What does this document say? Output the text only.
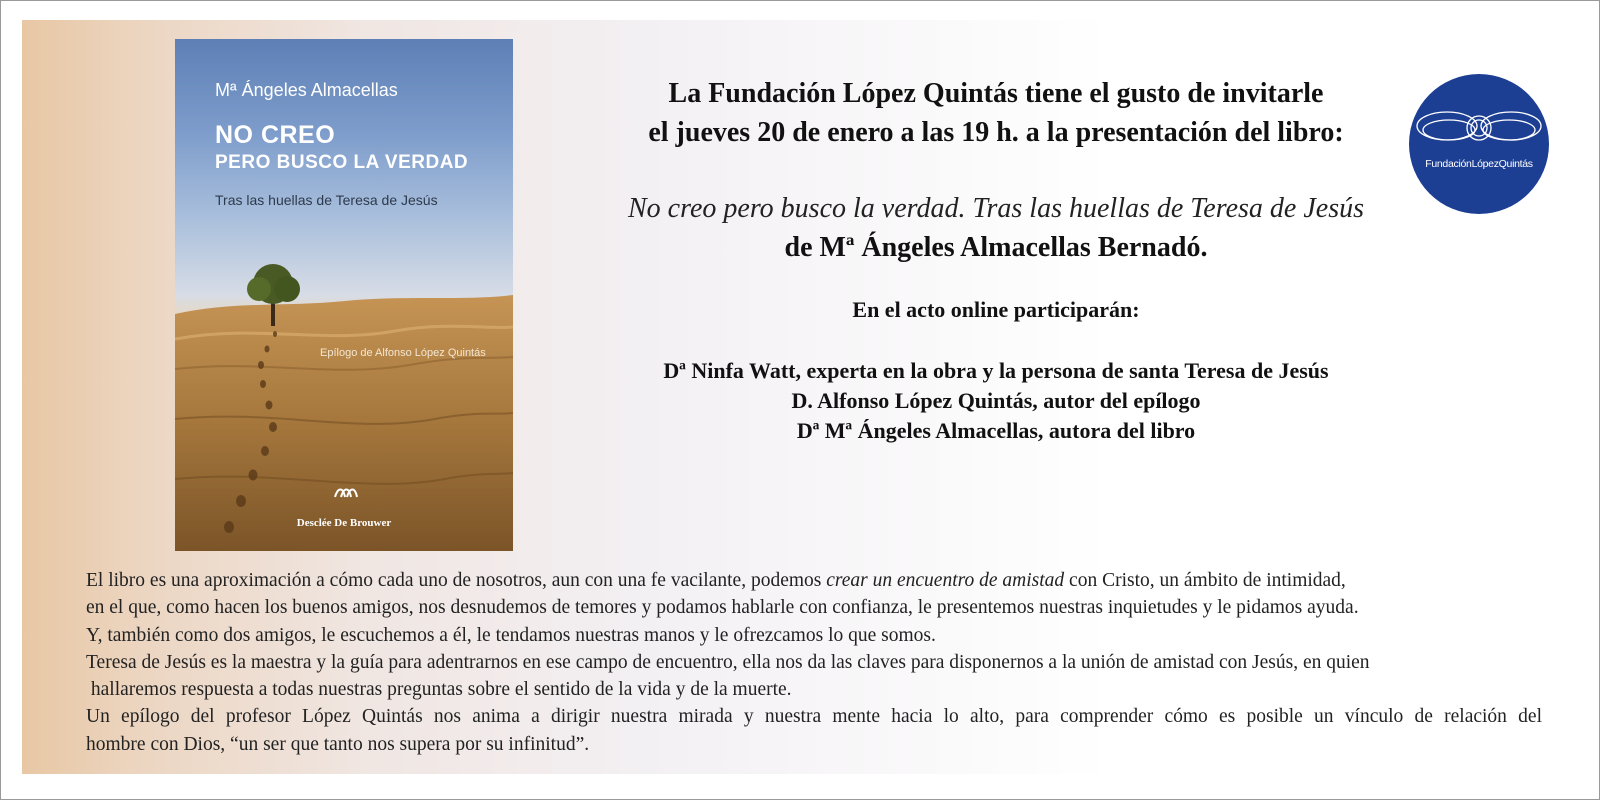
Mª Ángeles Almacellas
NO CREO
PERO BUSCO LA VERDAD
Tras las huellas de Teresa de Jesús
Epílogo de Alfonso López Quintás
Desclée De Brouwer
FundaciónLópezQuintás
La Fundación López Quintás tiene el gusto de invitarle
el jueves 20 de enero a las 19 h. a la presentación del libro:
No creo pero busco la verdad. Tras las huellas de Teresa de Jesús
de Mª Ángeles Almacellas Bernadó.
En el acto online participarán:
Dª Ninfa Watt, experta en la obra y la persona de santa Teresa de Jesús
D. Alfonso López Quintás, autor del epílogo
Dª Mª Ángeles Almacellas, autora del libro
El libro es una aproximación a cómo cada uno de nosotros, aun con una fe vacilante, podemos crear un encuentro de amistad con Cristo, un ámbito de intimidad,
en el que, como hacen los buenos amigos, nos desnudemos de temores y podamos hablarle con confianza, le presentemos nuestras inquietudes y le pidamos ayuda.
Y, también como dos amigos, le escuchemos a él, le tendamos nuestras manos y le ofrezcamos lo que somos.
Teresa de Jesús es la maestra y la guía para adentrarnos en ese campo de encuentro, ella nos da las claves para disponernos a la unión de amistad con Jesús, en quien
hallaremos respuesta a todas nuestras preguntas sobre el sentido de la vida y de la muerte.
Un epílogo del profesor López Quintás nos anima a dirigir nuestra mirada y nuestra mente hacia lo alto, para comprender cómo es posible un vínculo de relación del
hombre con Dios, “un ser que tanto nos supera por su infinitud”.
